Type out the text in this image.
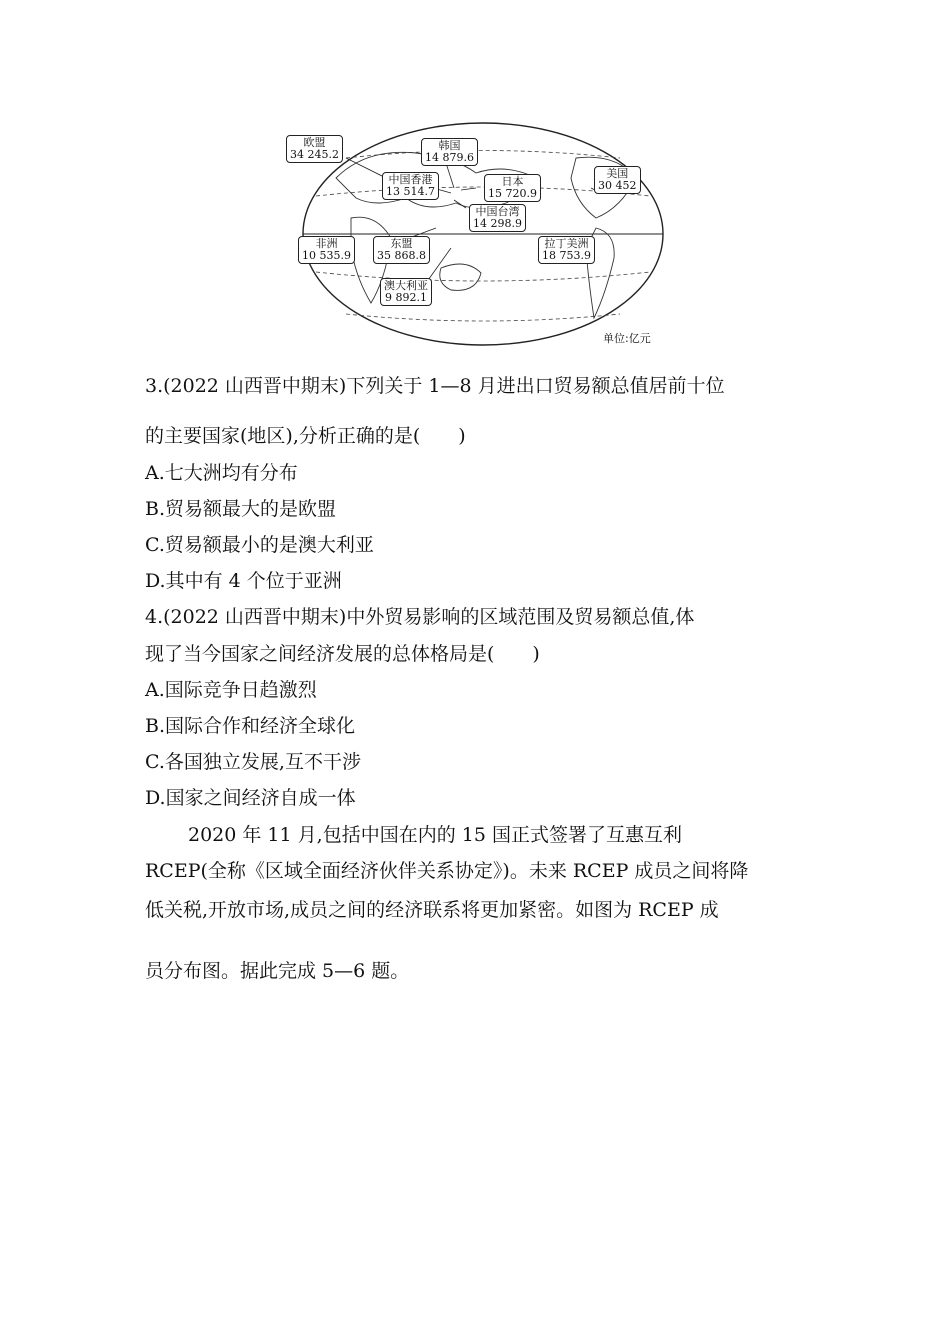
欧盟
34 245.2
韩国
14 879.6
中国香港
13 514.7
日本
15 720.9
美国
30 452
中国台湾
14 298.9
非洲
10 535.9
东盟
35 868.8
拉丁美洲
18 753.9
澳大利亚
9 892.1
单位:亿元
3.(2022 山西晋中期末)下列关于 1—8 月进出口贸易额总值居前十位
的主要国家(地区),分析正确的是(　　)
A.七大洲均有分布
B.贸易额最大的是欧盟
C.贸易额最小的是澳大利亚
D.其中有 4 个位于亚洲
4.(2022 山西晋中期末)中外贸易影响的区域范围及贸易额总值,体
现了当今国家之间经济发展的总体格局是(　　)
A.国际竞争日趋激烈
B.国际合作和经济全球化
C.各国独立发展,互不干涉
D.国家之间经济自成一体
2020 年 11 月,包括中国在内的 15 国正式签署了互惠互利
RCEP(全称《区域全面经济伙伴关系协定》)。未来 RCEP 成员之间将降
低关税,开放市场,成员之间的经济联系将更加紧密。如图为 RCEP 成
员分布图。据此完成 5—6 题。
